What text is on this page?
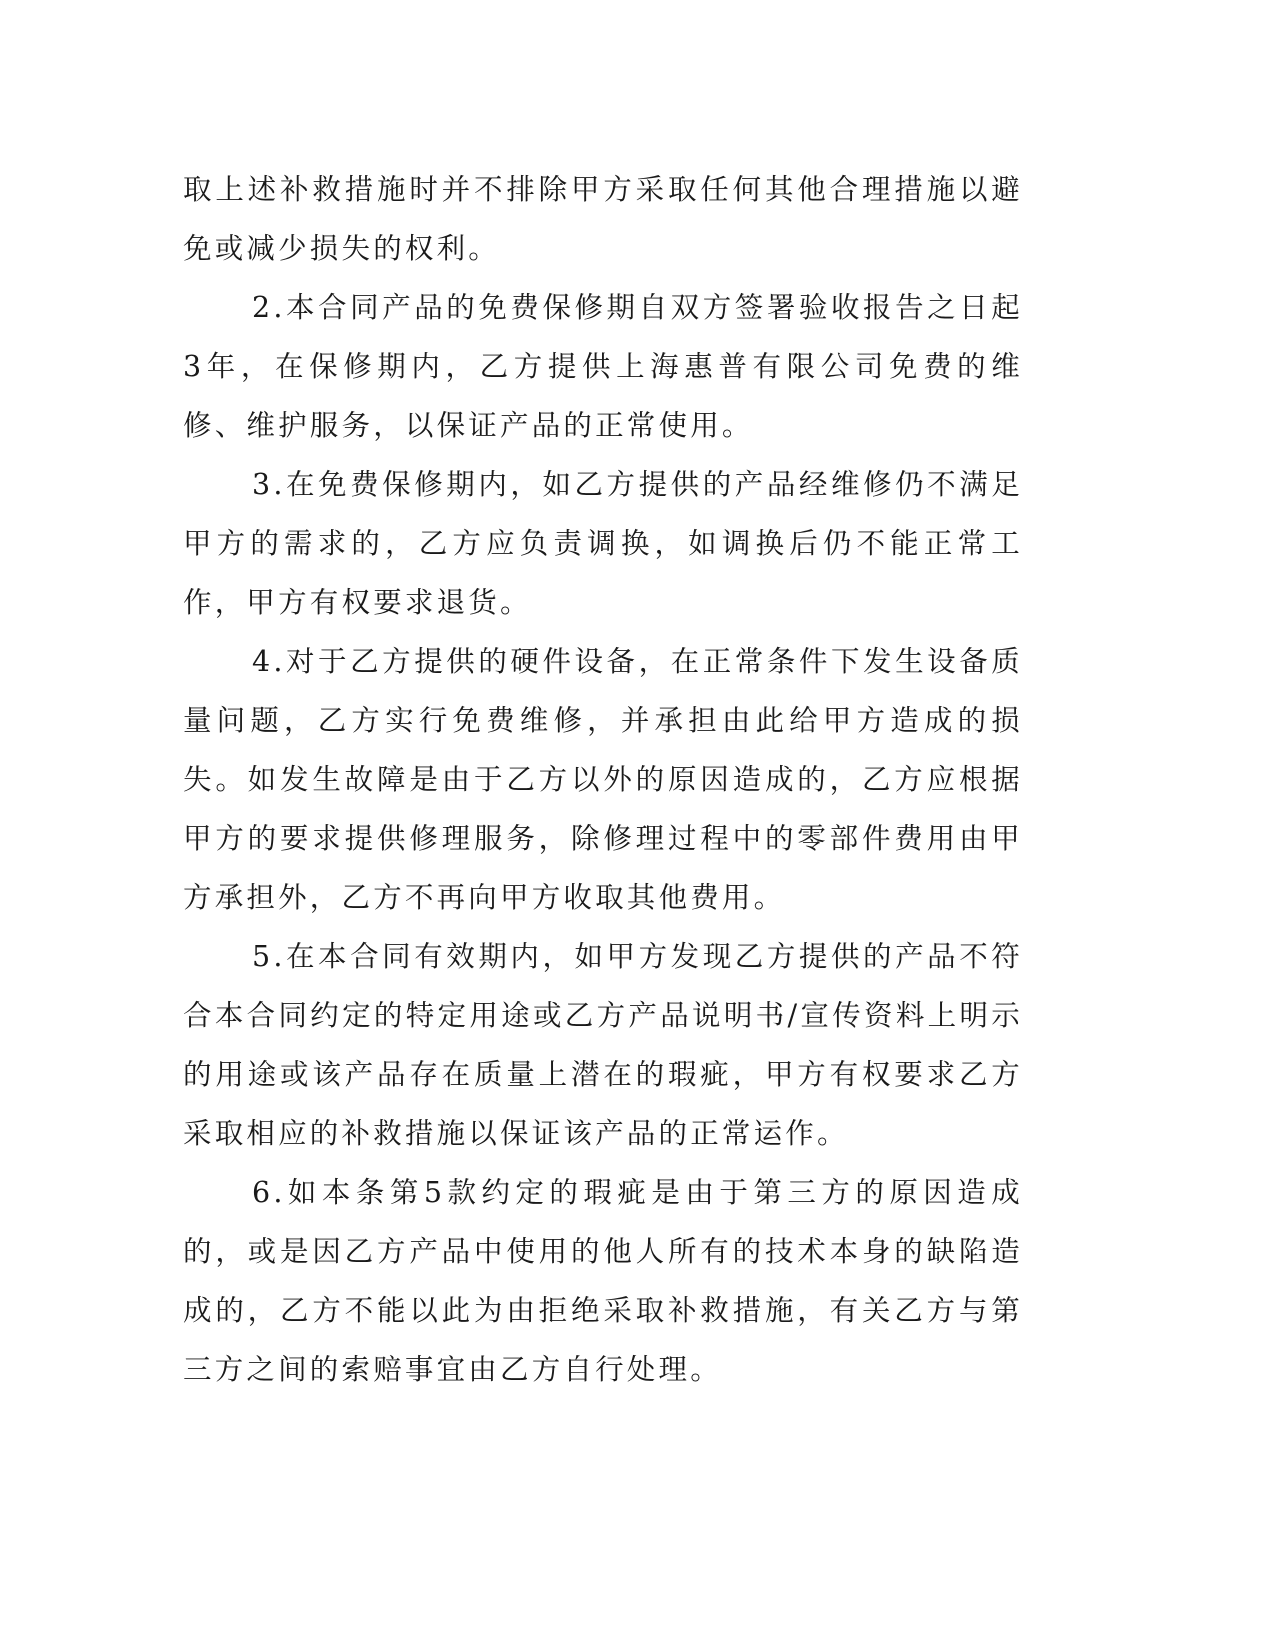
取上述补救措施时并不排除甲方采取任何其他合理措施以避免或减少损失的权利。

2.本合同产品的免费保修期自双方签署验收报告之日起3年，在保修期内，乙方提供上海惠普有限公司免费的维修、维护服务，以保证产品的正常使用。

3.在免费保修期内，如乙方提供的产品经维修仍不满足甲方的需求的，乙方应负责调换，如调换后仍不能正常工作，甲方有权要求退货。

4.对于乙方提供的硬件设备，在正常条件下发生设备质量问题，乙方实行免费维修，并承担由此给甲方造成的损失。如发生故障是由于乙方以外的原因造成的，乙方应根据甲方的要求提供修理服务，除修理过程中的零部件费用由甲方承担外，乙方不再向甲方收取其他费用。

5.在本合同有效期内，如甲方发现乙方提供的产品不符合本合同约定的特定用途或乙方产品说明书/宣传资料上明示的用途或该产品存在质量上潜在的瑕疵，甲方有权要求乙方采取相应的补救措施以保证该产品的正常运作。

6.如本条第5款约定的瑕疵是由于第三方的原因造成的，或是因乙方产品中使用的他人所有的技术本身的缺陷造成的，乙方不能以此为由拒绝采取补救措施，有关乙方与第三方之间的索赔事宜由乙方自行处理。
